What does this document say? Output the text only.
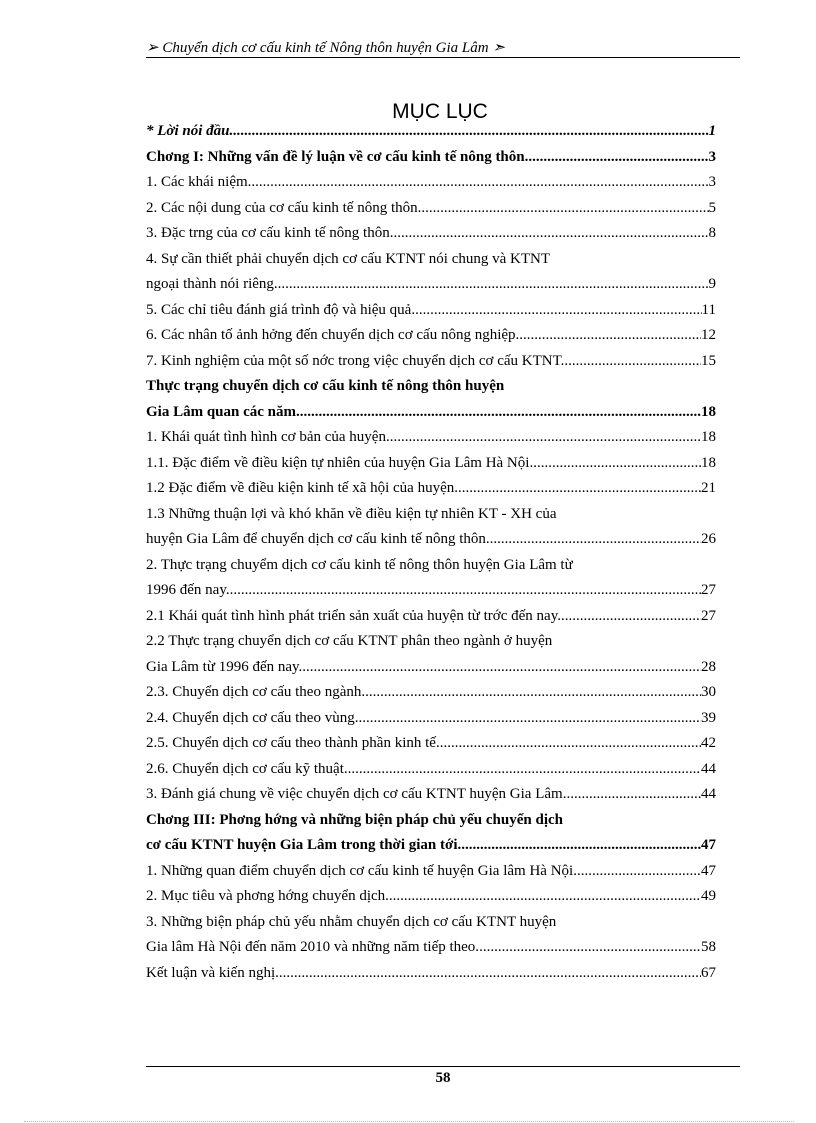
➢ Chuyển dịch cơ cấu kinh tế Nông thôn huyện Gia Lâm ➣
MỤC LỤC
* Lời nói đầu .....	1
Chơng I: Những vấn đề lý luận về cơ cấu kinh tế nông thôn .....	3
1. Các khái niệm .....	3
2. Các nội dung của cơ cấu kinh tế nông thôn .....	5
3. Đặc trng của cơ cấu kinh tế nông thôn .....	8
4. Sự cần thiết phải chuyển dịch cơ cấu KTNT nói chung và KTNT
ngoại thành nói riêng .....	9
5. Các chỉ tiêu đánh giá trình độ và hiệu quả .....	11
6. Các nhân tố ảnh hởng đến chuyển dịch cơ cấu nông nghiệp. .....	12
7. Kinh nghiệm của một số nớc trong việc chuyển dịch cơ cấu KTNT. .....	15
Thực trạng chuyển dịch cơ cấu kinh tế nông thôn huyện
Gia Lâm quan các năm. .....	18
1. Khái quát tình hình cơ bản của huyện .....	18
1.1. Đặc điểm về điều kiện tự nhiên của huyện Gia Lâm Hà Nội .....	18
1.2 Đặc điểm về điều kiện kinh tế xã hội của huyện .....	21
1.3 Những thuận lợi và khó khăn về điều kiện tự nhiên KT - XH của
huyện Gia Lâm để chuyển dịch cơ cấu kinh tế nông thôn .....	26
2. Thực trạng chuyểm dịch cơ cấu kinh tế nông thôn huyện Gia Lâm từ
1996 đến nay. .....	27
2.1 Khái quát tình hình phát triển sản xuất của huyện từ trớc đến nay. .....	27
2.2 Thực trạng chuyển dịch cơ cấu KTNT phân theo ngành ở huyện
Gia Lâm từ 1996 đến nay. .....	28
2.3. Chuyển dịch cơ cấu theo ngành .....	30
2.4. Chuyển dịch cơ cấu theo vùng .....	39
2.5. Chuyển dịch cơ cấu theo thành phần kinh tế .....	42
2.6. Chuyển dịch cơ cấu kỹ thuật .....	44
3. Đánh giá chung về việc chuyển dịch cơ cấu KTNT huyện Gia Lâm .....	44
Chơng III: Phơng hớng và những biện pháp chủ yếu chuyển dịch
cơ cấu KTNT huyện Gia Lâm trong thời gian tới. .....	47
1. Những quan điểm chuyển dịch cơ cấu kinh tế huyện Gia lâm Hà Nội .....	47
2. Mục tiêu và phơng hớng chuyển dịch. .....	49
3. Những biện pháp chủ yếu nhằm chuyển dịch cơ cấu KTNT huyện
Gia lâm Hà Nội đến năm 2010 và những năm tiếp theo. .....	58
Kết luận và kiến nghị .....	67
58
